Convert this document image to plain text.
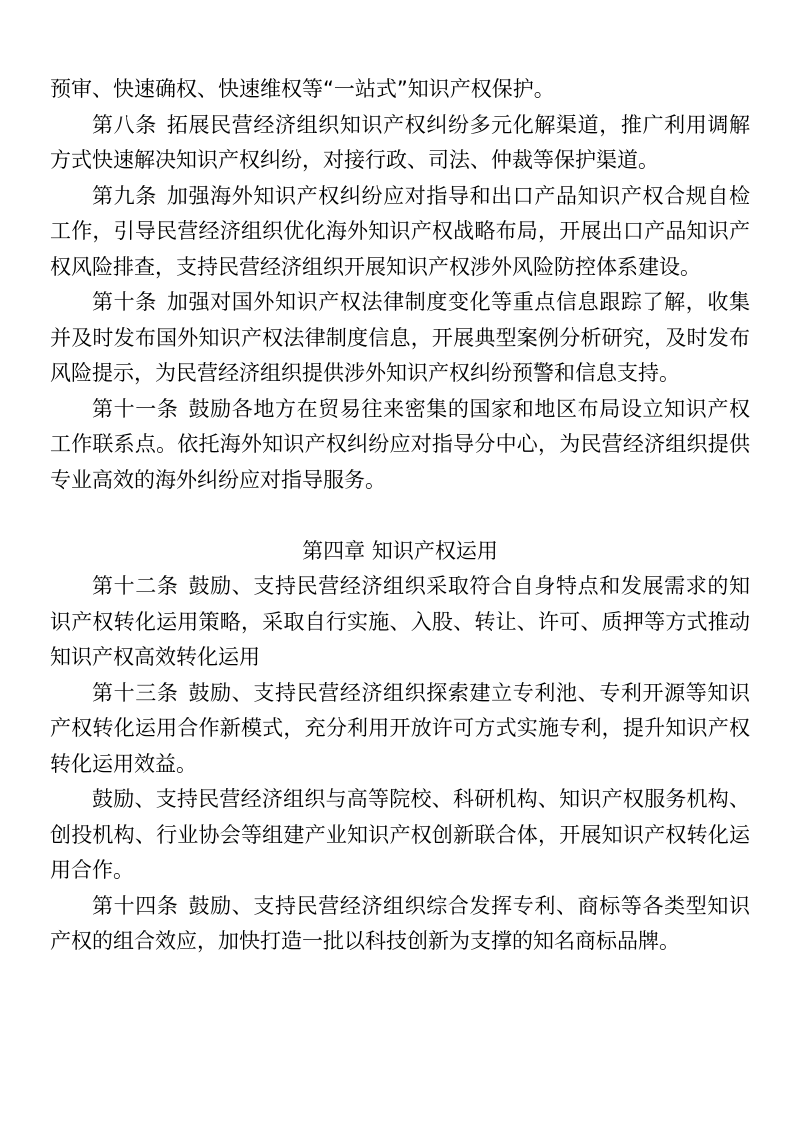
预审、快速确权、快速维权等“一站式”知识产权保护。

第八条 拓展民营经济组织知识产权纠纷多元化解渠道，推广利用调解方式快速解决知识产权纠纷，对接行政、司法、仲裁等保护渠道。

第九条 加强海外知识产权纠纷应对指导和出口产品知识产权合规自检工作，引导民营经济组织优化海外知识产权战略布局，开展出口产品知识产权风险排查，支持民营经济组织开展知识产权涉外风险防控体系建设。

第十条 加强对国外知识产权法律制度变化等重点信息跟踪了解，收集并及时发布国外知识产权法律制度信息，开展典型案例分析研究，及时发布风险提示，为民营经济组织提供涉外知识产权纠纷预警和信息支持。

第十一条 鼓励各地方在贸易往来密集的国家和地区布局设立知识产权工作联系点。依托海外知识产权纠纷应对指导分中心，为民营经济组织提供专业高效的海外纠纷应对指导服务。

第四章 知识产权运用

第十二条 鼓励、支持民营经济组织采取符合自身特点和发展需求的知识产权转化运用策略，采取自行实施、入股、转让、许可、质押等方式推动知识产权高效转化运用

第十三条 鼓励、支持民营经济组织探索建立专利池、专利开源等知识产权转化运用合作新模式，充分利用开放许可方式实施专利，提升知识产权转化运用效益。

鼓励、支持民营经济组织与高等院校、科研机构、知识产权服务机构、创投机构、行业协会等组建产业知识产权创新联合体，开展知识产权转化运用合作。

第十四条 鼓励、支持民营经济组织综合发挥专利、商标等各类型知识产权的组合效应，加快打造一批以科技创新为支撑的知名商标品牌。
